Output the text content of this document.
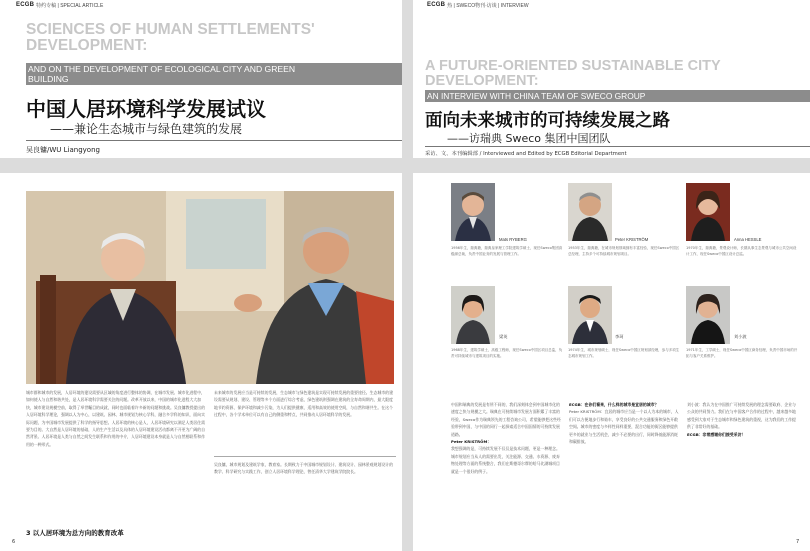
ECGB 特约专稿 | SPECIAL ARTICLE
SCIENCES OF HUMAN SETTLEMENTS'
DEVELOPMENT:
AND ON THE DEVELOPMENT OF ECOLOGICAL CITY AND GREEN
BUILDING
中国人居环境科学发展试议
——兼论生态城市与绿色建筑的发展
吴良镛/WU Liangyong
城市群和城市的发展，人居环境的建设需要从区域的角度进行整体的协调，在城市发展、城市化进程中，如何使人与自然和谐共处，是人居环境科学需要关注的问题。改革开放以来，中国的城市化进程大大加快，城市建设规模空前，取得了举世瞩目的成就，同时也面临着许多新的问题和挑战。吴良镛教授提出的人居环境科学理论，强调以人为中心，以建筑、园林、城市规划为核心学科，融合多学科的知识，面向实际问题，为中国城市发展提供了科学的指导思想。人居环境的核心是人，人居环境研究以满足人类居住需要为目的。大自然是人居环境的基础，人的生产生活以及具体的人居环境建设活动都离不开更为广阔的自然背景。人居环境是人类与自然之间发生联系和作用的中介，人居环境建设本身就是人与自然相联系和作用的一种形式。
未来城市的发展应当是可持续的发展，生态城市与绿色建筑是实现可持续发展的重要途径。生态城市的建设需要从规划、建设、管理等多个方面进行综合考虑，绿色建筑则强调在建筑的全寿命周期内，最大限度地节约资源、保护环境和减少污染，为人们提供健康、适用和高效的使用空间，与自然和谐共生。在这个过程中，各个学术单位可以有自己的侧重和特点，共同推动人居环境科学的发展。
吴良镛，城市规划及建筑学家，教育家。长期致力于中国城市规划设计、建筑设计、园林景观规划设计的教学、科学研究与实践工作，创立人居环境科学理论，曾任清华大学建筑学院院长。
3 以人居环境为总方向的教育改革
6
ECGB 热 | SWECO物刊·访谈 | INTERVIEW
A FUTURE-ORIENTED SUSTAINABLE CITY
DEVELOPMENT:
AN INTERVIEW WITH CHINA TEAM OF SWECO GROUP
面向未来城市的可持续发展之路
——访瑞典 Sweco 集团中国团队
采访、文、本刊编辑部 / Interviewed and Edited by ECGB Editorial Department
Mats RYBERG
1956年生，瑞典籍，瑞典皇家理工学院建筑学硕士，现任Sweco集团高级副总裁，负责中国业务的发展与管理工作。
Peter KRISTRÖM
1953年生，瑞典籍，在城市规划领域拥有丰富经验，现任Sweco中国区总经理，主持多个可持续城市规划项目。
Anna HESSLE
1970年生，瑞典籍，景观设计师，长期从事生态景观与城市公共空间设计工作，现任Sweco中国区设计总监。
梁英
1968年生，建筑学硕士，高级工程师，现任Sweco中国区项目总监，负责可持续城市与建筑项目的实施。
李珂
1974年生，城市规划硕士，现任Sweco中国区规划部经理，参与多项生态城市规划工作。
刘小波
1971年生，工学硕士，现任Sweco中国区商务经理，负责中国市场的开拓与客户关系维护。

中国和瑞典的发展是有所不同的，我们深刻体会到中国城市化的速度之快与规模之大。瑞典在可持续城市发展方面积累了丰富的经验，Sweco作为瑞典领先的工程咨询公司，希望能够把这些经验带到中国，与中国的同行一起探索适合中国国情的可持续发展道路。

Peter KRISTRÖM：

我想强调的是，可持续发展不仅仅是技术问题，更是一种理念。城市规划应当从人的需要出发，关注能源、交通、水资源、废弃物处理等方面的系统整合，我们在斯德哥尔摩的哈马比湖城项目就是一个很好的例子。

ECGB：在你们看来，什么样的城市是宜居的城市？

Peter KRISTRÖM：宜居的城市应当是一个以人为本的城市，人们可以方便地步行和骑车，享受良好的公共交通服务和绿色开敞空间。城市的密度与多样性同样重要，混合功能的街区能够提供更多的就业与生活机会，减少不必要的出行，同时降低能源消耗和碳排放。

刘小波：我认为在中国推广可持续发展的理念需要政府、企业与公众的共同努力。我们在与中国客户合作的过程中，越来越多地感受到大家对于生态城市和绿色建筑的重视，这为我们的工作提供了非常好的基础。

ECGB：非常感谢你们接受采访！

7
